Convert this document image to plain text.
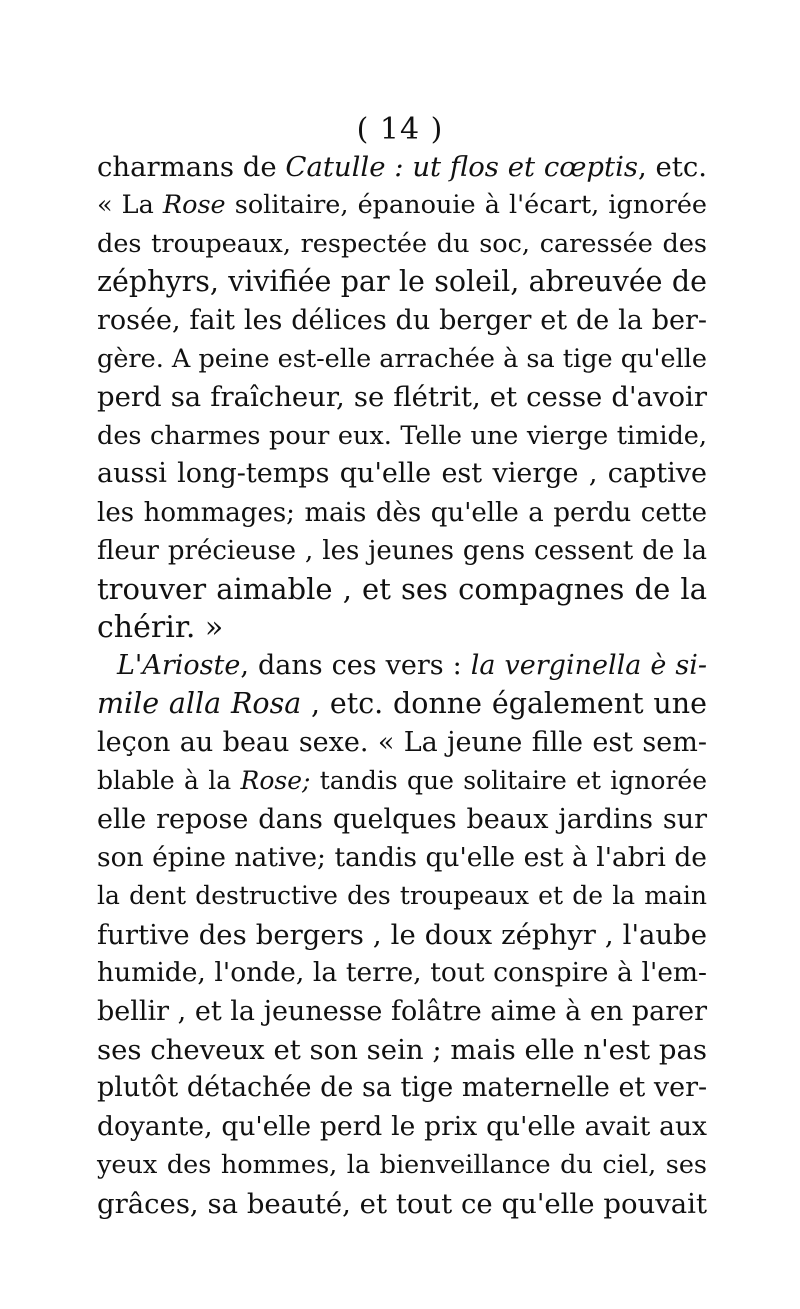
( 14 )
charmans de Catulle : ut flos et cœptis, etc.
« La Rose solitaire, épanouie à l'écart, ignorée
des troupeaux, respectée du soc, caressée des
zéphyrs, vivifiée par le soleil, abreuvée de
rosée, fait les délices du berger et de la ber-
gère. A peine est-elle arrachée à sa tige qu'elle
perd sa fraîcheur, se flétrit, et cesse d'avoir
des charmes pour eux. Telle une vierge timide,
aussi long-temps qu'elle est vierge , captive
les hommages; mais dès qu'elle a perdu cette
fleur précieuse , les jeunes gens cessent de la
trouver aimable , et ses compagnes de la
chérir. »
L'Arioste, dans ces vers : la verginella è si-
mile alla Rosa , etc. donne également une
leçon au beau sexe. « La jeune fille est sem-
blable à la Rose; tandis que solitaire et ignorée
elle repose dans quelques beaux jardins sur
son épine native; tandis qu'elle est à l'abri de
la dent destructive des troupeaux et de la main
furtive des bergers , le doux zéphyr , l'aube
humide, l'onde, la terre, tout conspire à l'em-
bellir , et la jeunesse folâtre aime à en parer
ses cheveux et son sein ; mais elle n'est pas
plutôt détachée de sa tige maternelle et ver-
doyante, qu'elle perd le prix qu'elle avait aux
yeux des hommes, la bienveillance du ciel, ses
grâces, sa beauté, et tout ce qu'elle pouvait
